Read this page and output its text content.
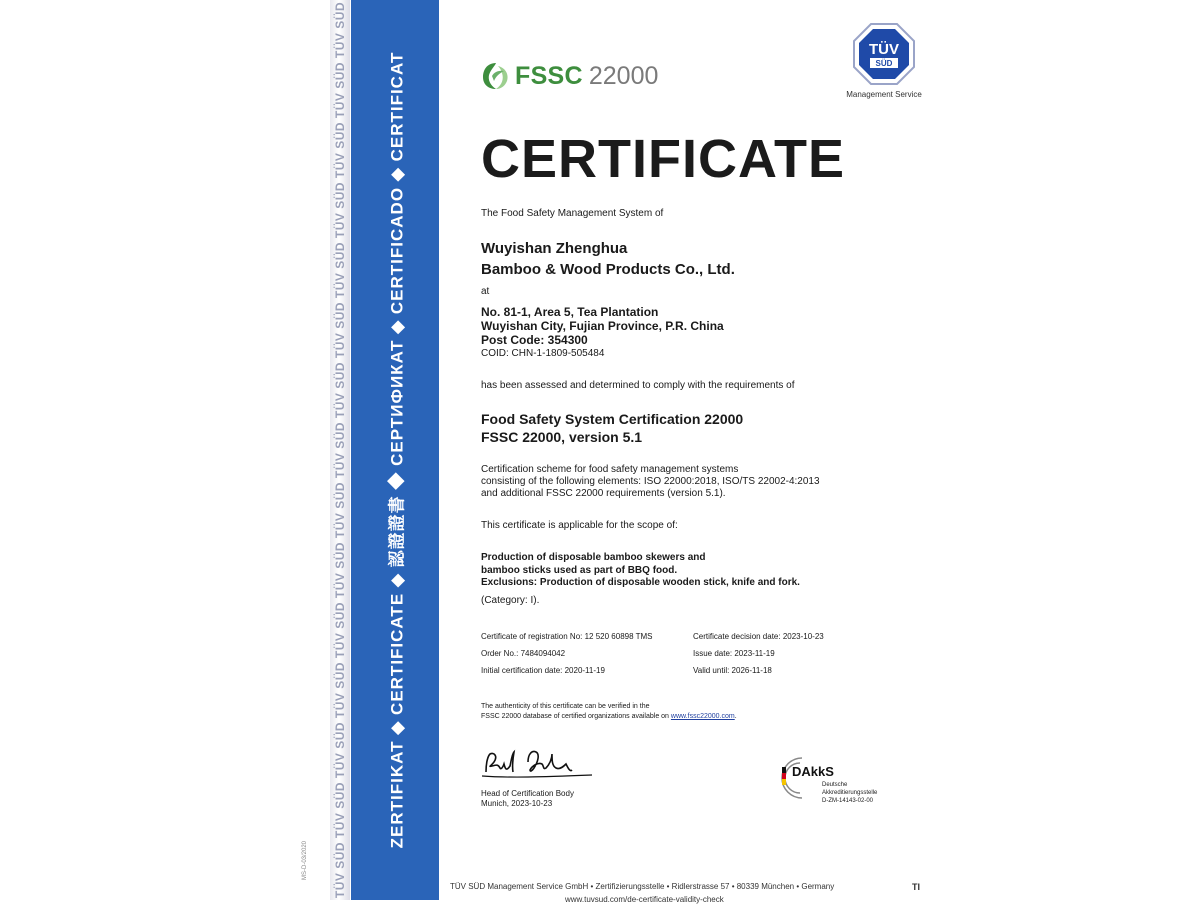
TÜV SÜD TÜV SÜD TÜV SÜD TÜV SÜD TÜV SÜD TÜV SÜD TÜV SÜD TÜV SÜD TÜV SÜD TÜV SÜD TÜV SÜD TÜV SÜD TÜV SÜD TÜV SÜD TÜV SÜD
MS-D-03/2020
ZERTIFIKAT ◆ CERTIFICATE ◆ 認證證書 ◆ СЕРТИФИКАТ ◆ CERTIFICADO ◆ CERTIFICAT	FSSC 22000
TÜV
SÜD
Management Service
CERTIFICATE
The Food Safety Management System of
Wuyishan Zhenghua
Bamboo & Wood Products Co., Ltd.
at
No. 81-1, Area 5, Tea Plantation
Wuyishan City, Fujian Province, P.R. China
Post Code: 354300
COID: CHN-1-1809-505484
has been assessed and determined to comply with the requirements of
Food Safety System Certification 22000
FSSC 22000, version 5.1
Certification scheme for food safety management systems
consisting of the following elements: ISO 22000:2018, ISO/TS 22002-4:2013
and additional FSSC 22000 requirements (version 5.1).
This certificate is applicable for the scope of:
Production of disposable bamboo skewers and
bamboo sticks used as part of BBQ food.
Exclusions: Production of disposable wooden stick, knife and fork.
(Category: I).
Certificate of registration No: 12 520 60898 TMS
Order No.: 7484094042
Initial certification date: 2020-11-19
Certificate decision date: 2023-10-23
Issue date: 2023-11-19
Valid until: 2026-11-18
The authenticity of this certificate can be verified in the
FSSC 22000 database of certified organizations available on www.fssc22000.com.
Head of Certification Body
Munich, 2023-10-23
DAkkS
Deutsche
Akkreditierungsstelle
D-ZM-14143-02-00
TÜV SÜD Management Service GmbH • Zertifizierungsstelle • Ridlerstrasse 57 • 80339 München • Germany
www.tuvsud.com/de-certificate-validity-check
TI
